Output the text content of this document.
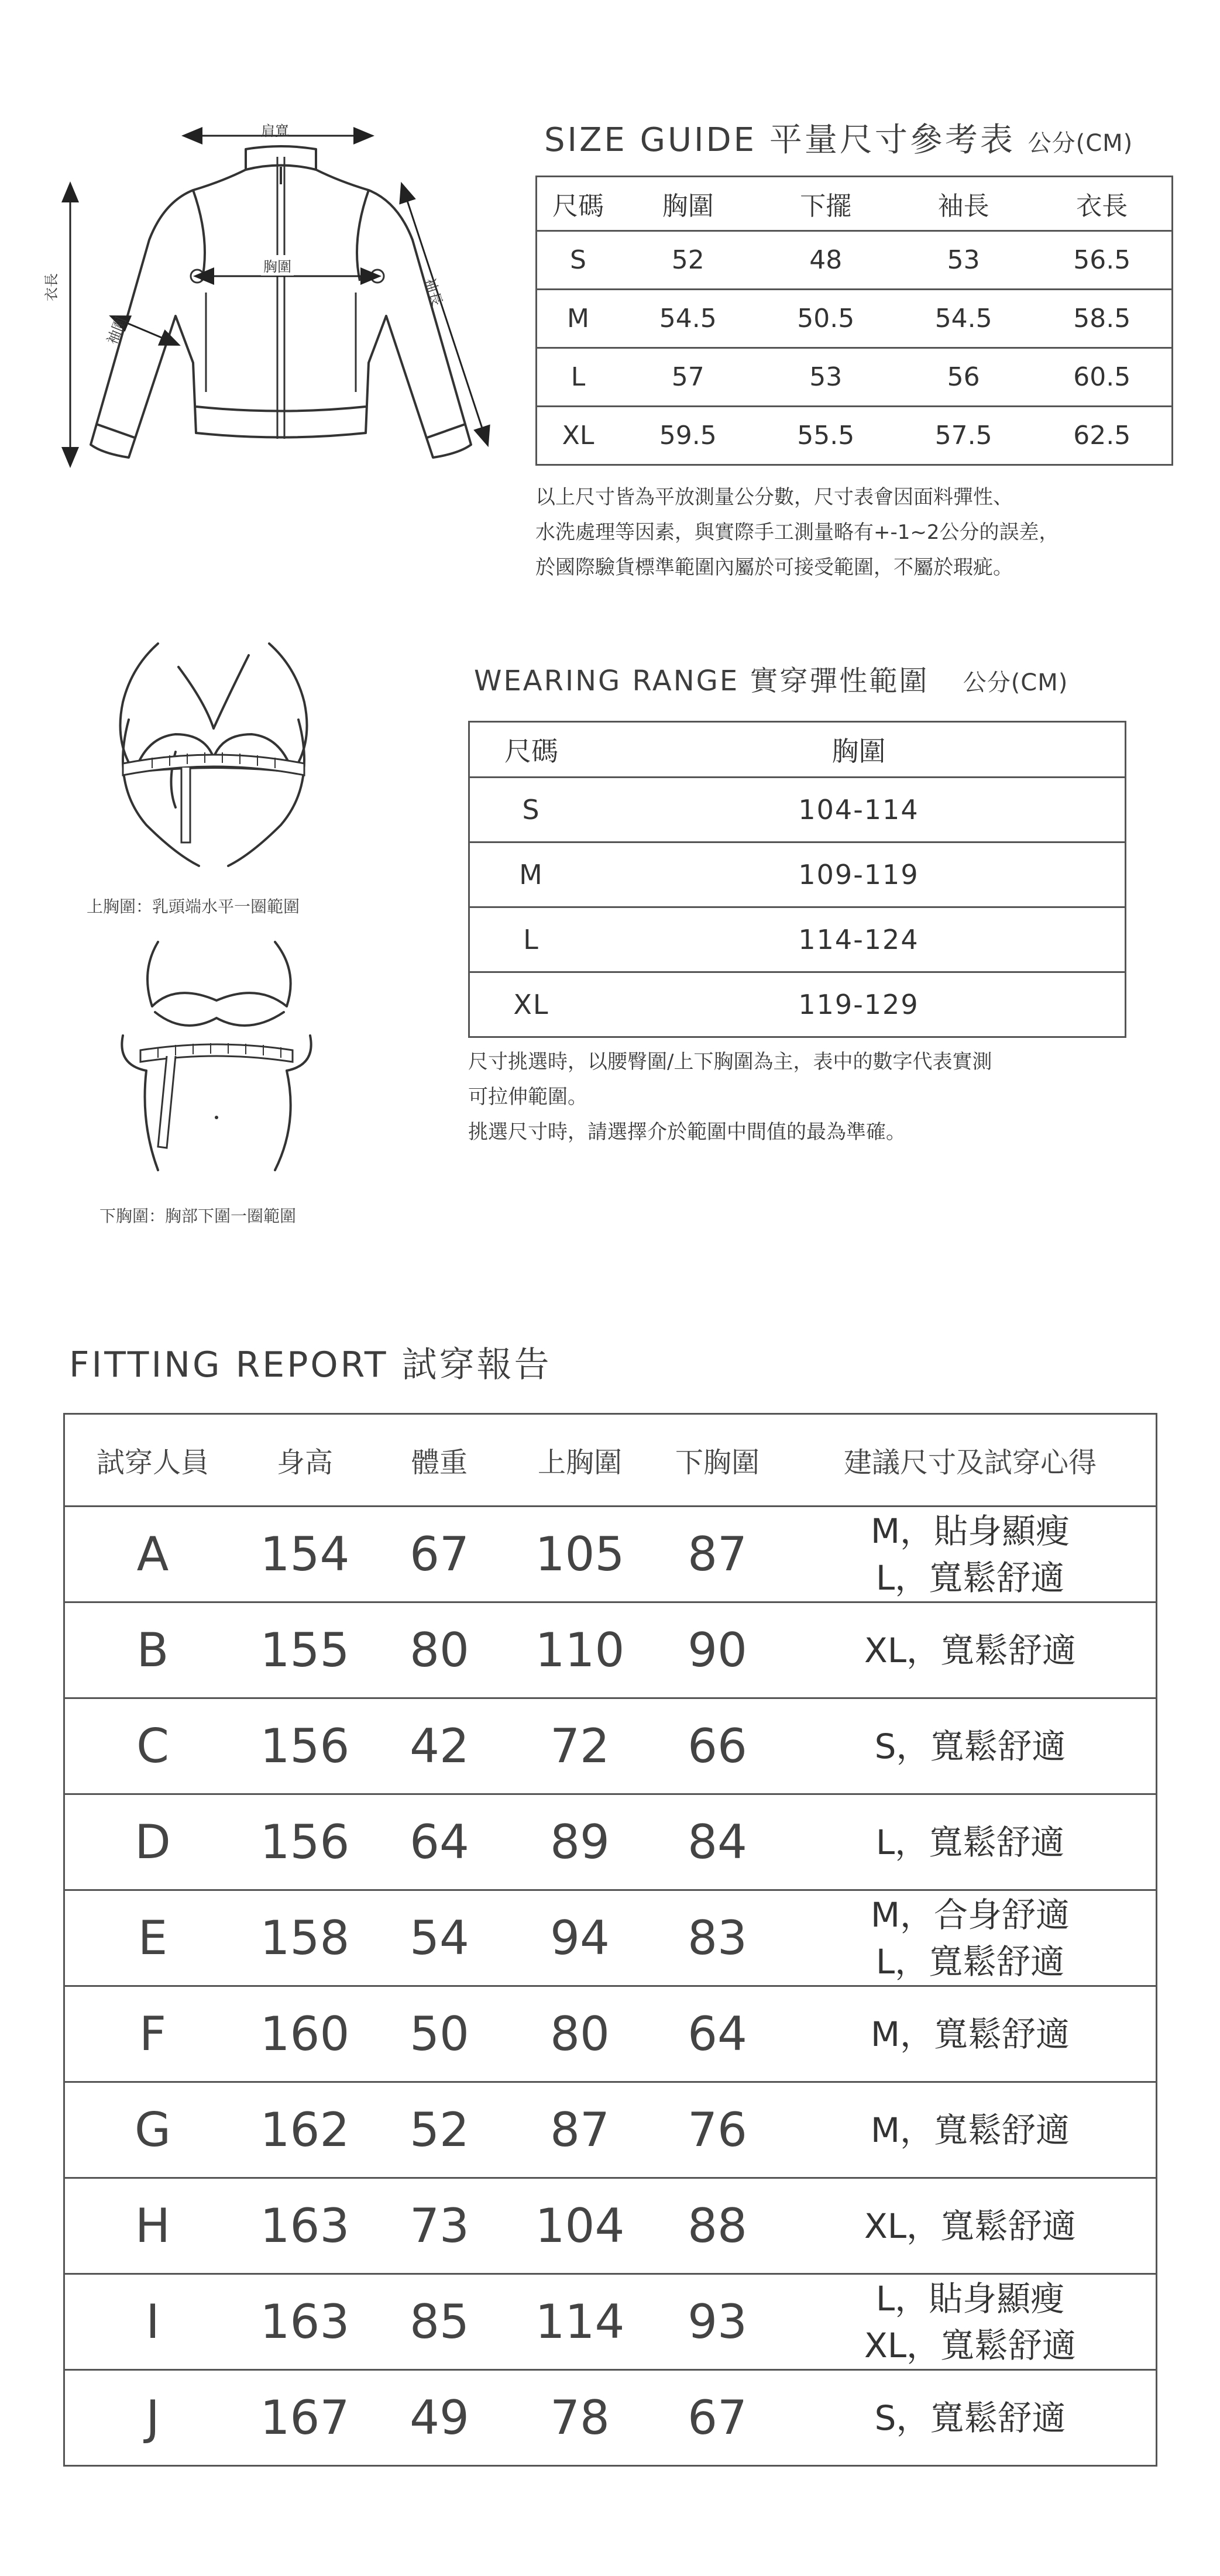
肩寬
胸圍
衣長
袖圍
袖長
SIZE GUIDE 平量尺寸參考表 公分(CM)
尺碼	胸圍	下擺	袖長	衣長
S	52	48	53	56.5
M	54.5	50.5	54.5	58.5
L	57	53	56	60.5
XL	59.5	55.5	57.5	62.5
以上尺寸皆為平放測量公分數，尺寸表會因面料彈性、
水洗處理等因素，與實際手工測量略有+-1~2公分的誤差，
於國際驗貨標準範圍內屬於可接受範圍，不屬於瑕疵。
上胸圍：乳頭端水平一圈範圍
下胸圍：胸部下圍一圈範圍
WEARING RANGE 實穿彈性範圍 公分(CM)
尺碼	胸圍
S	104-114
M	109-119
L	114-124
XL	119-129
尺寸挑選時，以腰臀圍/上下胸圍為主，表中的數字代表實測
可拉伸範圍。
挑選尺寸時，請選擇介於範圍中間值的最為準確。
FITTING REPORT 試穿報告
試穿人員	身高	體重	上胸圍	下胸圍	建議尺寸及試穿心得
A	154	67	105	87	M，貼身顯瘦
L，寬鬆舒適

B	155	80	110	90	XL，寬鬆舒適

C	156	42	72	66	S，寬鬆舒適

D	156	64	89	84	L，寬鬆舒適

E	158	54	94	83	M，合身舒適
L，寬鬆舒適

F	160	50	80	64	M，寬鬆舒適

G	162	52	87	76	M，寬鬆舒適

H	163	73	104	88	XL，寬鬆舒適

I	163	85	114	93	L，貼身顯瘦
XL，寬鬆舒適

J	167	49	78	67	S，寬鬆舒適
